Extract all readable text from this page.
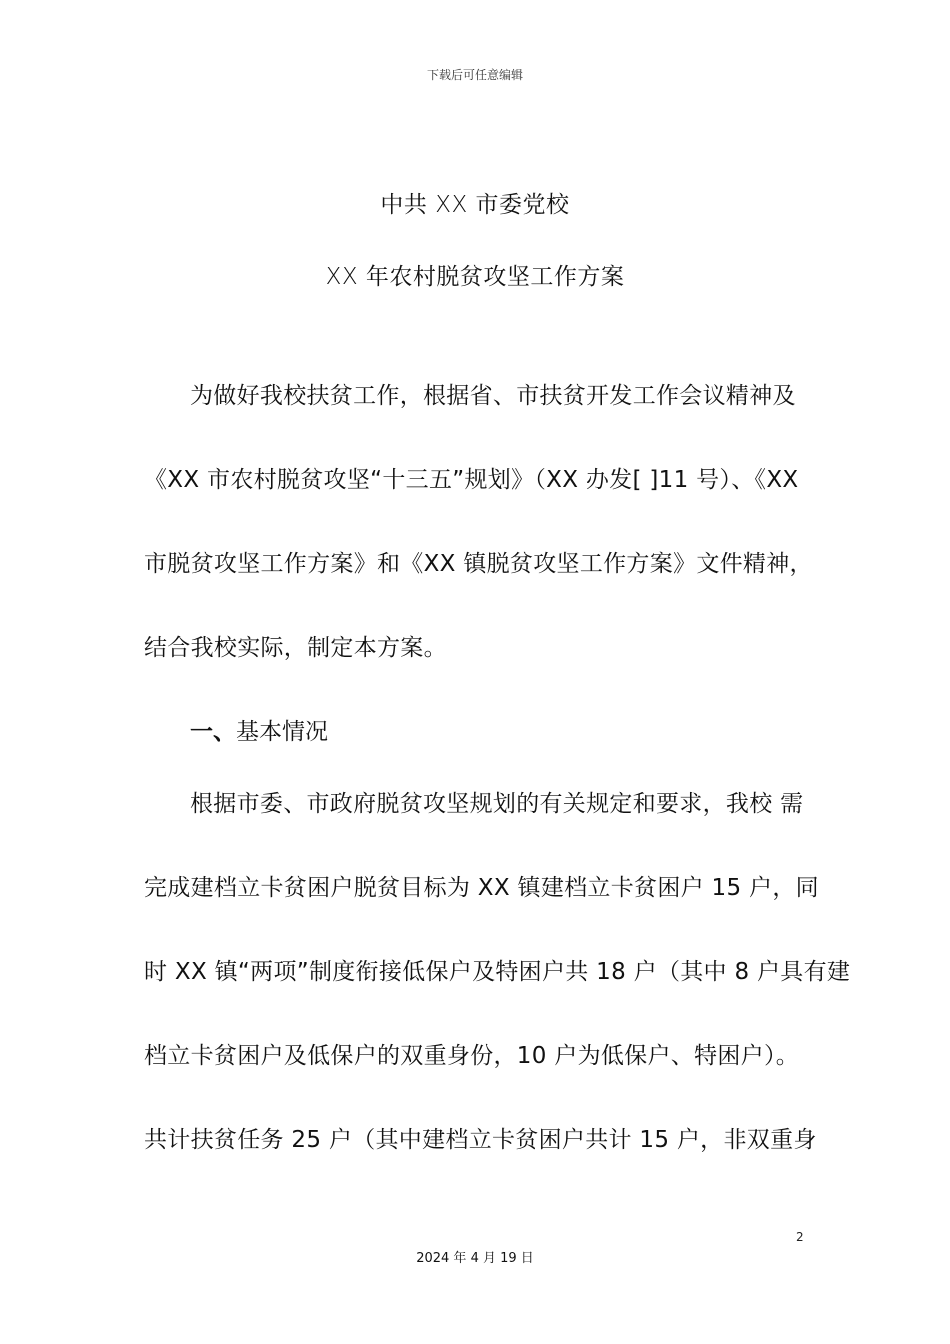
下载后可任意编辑
中共 XX 市委党校
XX 年农村脱贫攻坚工作方案
为做好我校扶贫工作，根据省、市扶贫开发工作会议精神及
《XX 市农村脱贫攻坚“十三五”规划》（XX 办发[ ]11 号）、《XX
市脱贫攻坚工作方案》和《XX 镇脱贫攻坚工作方案》文件精神，
结合我校实际，制定本方案。
一、基本情况
根据市委、市政府脱贫攻坚规划的有关规定和要求，我校 需
完成建档立卡贫困户脱贫目标为 XX 镇建档立卡贫困户 15 户，同
时 XX 镇“两项”制度衔接低保户及特困户共 18 户（其中 8 户具有建
档立卡贫困户及低保户的双重身份，10 户为低保户、特困户）。
共计扶贫任务 25 户（其中建档立卡贫困户共计 15 户，非双重身
2
2024 年 4 月 19 日
